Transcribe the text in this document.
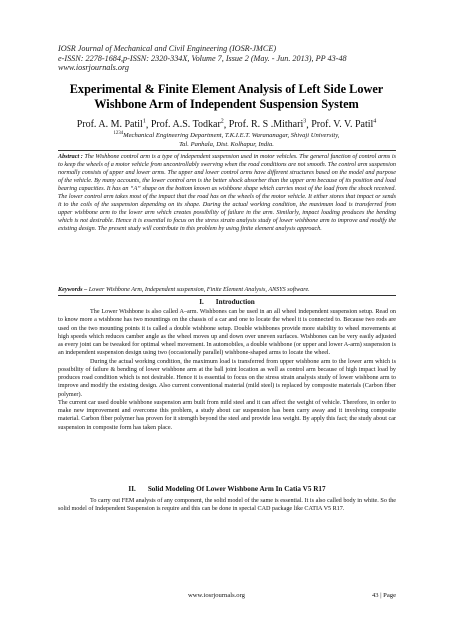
IOSR Journal of Mechanical and Civil Engineering (IOSR-JMCE)
e-ISSN: 2278-1684,p-ISSN: 2320-334X, Volume 7, Issue 2 (May. - Jun. 2013), PP 43-48
www.iosrjournals.org
Experimental & Finite Element Analysis of Left Side Lower
Wishbone Arm of Independent Suspension System
Prof. A. M. Patil$^1$, Prof. A.S. Todkar$^2$, Prof. R. S .Mithari$^3$, Prof. V. V. Patil$^4$
$^{1234}$Mechanical Engineering Department, T.K.I.E.T. Warananagar, Shivaji University,
Tal. Panhala, Dist. Kolhapur, India.
Abstract : The Wishbone control arm is a type of independent suspension used in motor vehicles. The general function of control arms is to keep the wheels of a motor vehicle from uncontrollably swerving when the road conditions are not smooth. The control arm suspension normally consists of upper and lower arms. The upper and lower control arms have different structures based on the model and purpose of the vehicle. By many accounts, the lower control arm is the better shock absorber than the upper arm because of its position and load bearing capacities. It has an “A” shape on the bottom known as wishbone shape which carries most of the load from the shock received. The lower control arm takes most of the impact that the road has on the wheels of the motor vehicle. It either stores that impact or sends it to the coils of the suspension depending on its shape. During the actual working condition, the maximum load is transferred from upper wishbone arm to the lower arm which creates possibility of failure in the arm. Similarly, impact loading produces the bending which is not desirable. Hence it is essential to focus on the stress strain analysis study of lower wishbone arm to improve and modify the existing design. The present study will contribute in this problem by using finite element analysis approach.
Keywords – Lower Wishbone Arm, Independent suspension, Finite Element Analysis, ANSYS software.
I. Introduction

The Lower Wishbone is also called A–arm. Wishbones can be used in an all wheel independent suspension setup. Read on to know more a wishbone has two mountings on the chassis of a car and one to locate the wheel it is connected to. Because two rods are used on the two mounting points it is called a double wishbone setup. Double wishbones provide more stability to wheel movements at high speeds which reduces camber angle as the wheel moves up and down over uneven surfaces. Wishbones can be very easily adjusted as every joint can be tweaked for optimal wheel movement. In automobiles, a double wishbone (or upper and lower A-arm) suspension is an independent suspension design using two (occasionally parallel) wishbone-shaped arms to locate the wheel.

During the actual working condition, the maximum load is transferred from upper wishbone arm to the lower arm which is possibility of failure & bending of lower wishbone arm at the ball joint location as well as control arm because of high impact load by produces road condition which is not desirable. Hence it is essential to focus on the stress strain analysis study of lower wishbone arm to improve and modify the existing design. Also current conventional material (mild steel) is replaced by composite materials (Carbon fiber polymer).

The current car used double wishbone suspension arm built from mild steel and it can affect the weight of vehicle. Therefore, in order to make new improvement and overcome this problem, a study about car suspension has been carry away and it involving composite material. Carbon fiber polymer has proven for it strength beyond the steel and provide less weight. By apply this fact; the study about car suspension in composite form has taken place.

II. Solid Modeling Of Lower Wishbone Arm In Catia V5 R17

To carry out FEM analysis of any component, the solid model of the same is essential. It is also called body in white. So the solid model of Independent Suspension is require and this can be done in special CAD package like CATIA V5 R17.

www.iosrjournals.org	43 | Page
